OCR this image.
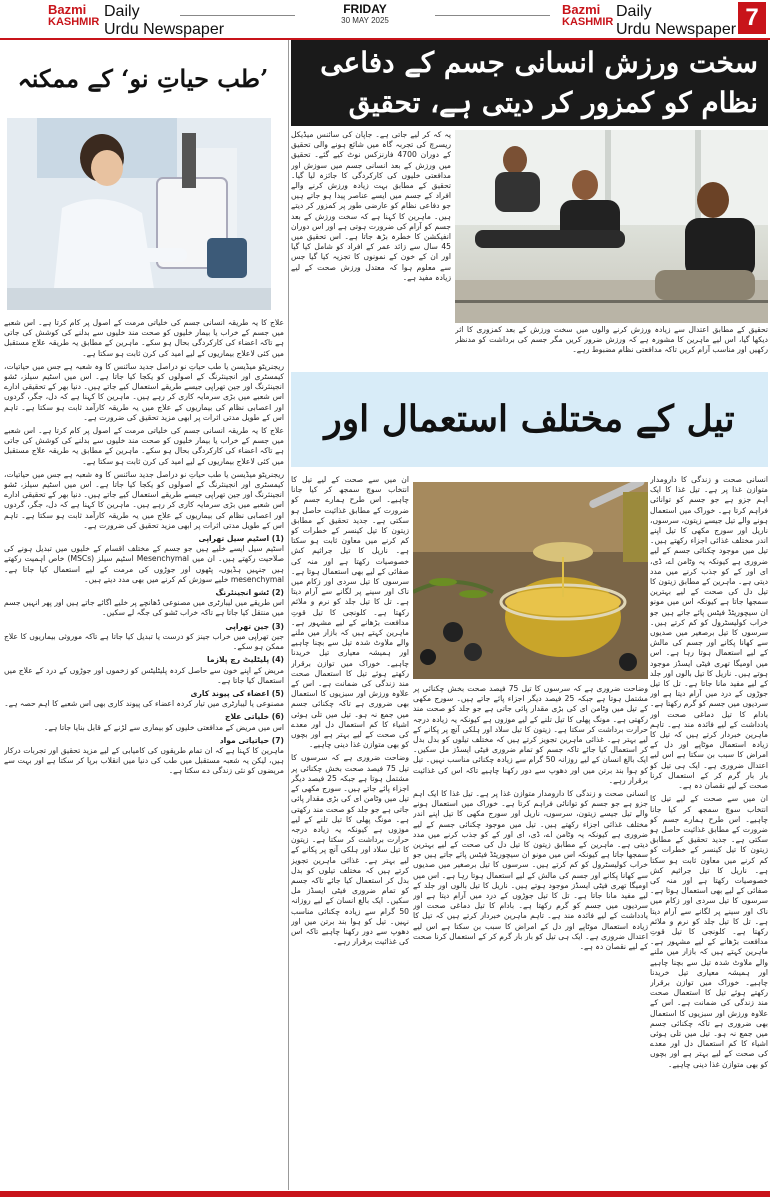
Bazmi
KASHMIR
Daily
Urdu Newspaper
FRIDAY
30 MAY 2025
Bazmi
KASHMIR
Daily
Urdu Newspaper 7
سخت ورزش انسانی جسم کے دفاعی نظام کو کمزور کر دیتی ہے، تحقیق

یہ کہ کر لیے جاتی ہے۔ جاپان کی سائنس میڈیکل ریسرچ کی تجربہ گاہ میں شائع ہونے والی تحقیق کے دوران 4700 فارنزکس نوٹ کیے گئے۔ تحقیق میں ورزش کے بعد انسانی جسم میں سوزش اور مدافعتی خلیوں کی کارکردگی کا جائزہ لیا گیا۔ تحقیق کے مطابق بہت زیادہ ورزش کرنے والے افراد کے جسم میں ایسے عناصر پیدا ہو جاتے ہیں جو دفاعی نظام کو عارضی طور پر کمزور کر دیتے ہیں۔ ماہرین کا کہنا ہے کہ سخت ورزش کے بعد جسم کو آرام کی ضرورت ہوتی ہے اور اس دوران انفیکشن کا خطرہ بڑھ جاتا ہے۔ اس تحقیق میں 45 سال سے زائد عمر کے افراد کو شامل کیا گیا اور ان کے خون کے نمونوں کا تجزیہ کیا گیا جس سے معلوم ہوا کہ معتدل ورزش صحت کے لیے زیادہ مفید ہے۔

تحقیق کے مطابق اعتدال سے زیادہ ورزش کرنے والوں میں سخت ورزش کے بعد کمزوری کا اثر دیکھا گیا، اس لیے ماہرین کا مشورہ ہے کہ ورزش ضرور کریں مگر جسم کی برداشت کو مدنظر رکھیں اور مناسب آرام کریں تاکہ مدافعتی نظام مضبوط رہے۔

تیل کے مختلف استعمال اور

انسانی صحت و زندگی کا دارومدار متوازن غذا پر ہے۔ تیل غذا کا ایک اہم جزو ہے جو جسم کو توانائی فراہم کرتا ہے۔ خوراک میں استعمال ہونے والے تیل جیسے زیتون، سرسوں، ناریل اور سورج مکھی کا تیل اپنے اندر مختلف غذائی اجزاء رکھتے ہیں۔ تیل میں موجود چکنائی جسم کے لیے ضروری ہے کیونکہ یہ وٹامن اے، ڈی، ای اور کے کو جذب کرنے میں مدد دیتی ہے۔ ماہرین کے مطابق زیتون کا تیل دل کی صحت کے لیے بہترین سمجھا جاتا ہے کیونکہ اس میں مونو ان سیچوریٹڈ فیٹس پائے جاتے ہیں جو خراب کولیسٹرول کو کم کرتے ہیں۔ سرسوں کا تیل برصغیر میں صدیوں سے کھانا پکانے اور جسم کی مالش کے لیے استعمال ہوتا رہا ہے۔ اس میں اومیگا تھری فیٹی ایسڈز موجود ہوتے ہیں۔ ناریل کا تیل بالوں اور جلد کے لیے مفید مانا جاتا ہے۔ تل کا تیل جوڑوں کے درد میں آرام دیتا ہے اور سردیوں میں جسم کو گرم رکھتا ہے۔ بادام کا تیل دماغی صحت اور یادداشت کے لیے فائدہ مند ہے۔ تاہم ماہرین خبردار کرتے ہیں کہ تیل کا زیادہ استعمال موٹاپے اور دل کے امراض کا سبب بن سکتا ہے اس لیے اعتدال ضروری ہے۔ ایک ہی تیل کو بار بار گرم کر کے استعمال کرنا صحت کے لیے نقصان دہ ہے۔

ان میں سے صحت کے لیے تیل کا انتخاب سوچ سمجھ کر کیا جانا چاہیے۔ اس طرح ہمارے جسم کو ضرورت کے مطابق غذائیت حاصل ہو سکتی ہے۔ جدید تحقیق کے مطابق زیتون کا تیل کینسر کے خطرات کو کم کرنے میں معاون ثابت ہو سکتا ہے۔ ناریل کا تیل جراثیم کش خصوصیات رکھتا ہے اور منہ کی صفائی کے لیے بھی استعمال ہوتا ہے۔ سرسوں کا تیل سردی اور زکام میں ناک اور سینے پر لگانے سے آرام دیتا ہے۔ تل کا تیل جلد کو نرم و ملائم رکھتا ہے۔ کلونجی کا تیل قوتِ مدافعت بڑھانے کے لیے مشہور ہے۔ ماہرین کہتے ہیں کہ بازار میں ملنے والے ملاوٹ شدہ تیل سے بچنا چاہیے اور ہمیشہ معیاری تیل خریدنا چاہیے۔ خوراک میں توازن برقرار رکھتے ہوئے تیل کا استعمال صحت مند زندگی کی ضمانت ہے۔ اس کے علاوہ ورزش اور سبزیوں کا استعمال بھی ضروری ہے تاکہ چکنائی جسم میں جمع نہ ہو۔ تیل میں تلی ہوئی اشیاء کا کم استعمال دل اور معدے کی صحت کے لیے بہتر ہے اور بچوں کو بھی متوازن غذا دینی چاہیے۔

وضاحت ضروری ہے کہ سرسوں کا تیل 75 فیصد صحت بخش چکنائی پر مشتمل ہوتا ہے جبکہ 25 فیصد دیگر اجزاء پائے جاتے ہیں۔ سورج مکھی کے تیل میں وٹامن ای کی بڑی مقدار پائی جاتی ہے جو جلد کو صحت مند رکھتی ہے۔ مونگ پھلی کا تیل تلنے کے لیے موزوں ہے کیونکہ یہ زیادہ درجہ حرارت برداشت کر سکتا ہے۔ زیتون کا تیل سلاد اور ہلکی آنچ پر پکانے کے لیے بہتر ہے۔ غذائی ماہرین تجویز کرتے ہیں کہ مختلف تیلوں کو بدل بدل کر استعمال کیا جائے تاکہ جسم کو تمام ضروری فیٹی ایسڈز مل سکیں۔ ایک بالغ انسان کے لیے روزانہ 50 گرام سے زیادہ چکنائی مناسب نہیں۔ تیل کو ہوا بند برتن میں اور دھوپ سے دور رکھنا چاہیے تاکہ اس کی غذائیت برقرار رہے۔

انسانی صحت و زندگی کا دارومدار متوازن غذا پر ہے۔ تیل غذا کا ایک اہم جزو ہے جو جسم کو توانائی فراہم کرتا ہے۔ خوراک میں استعمال ہونے والے تیل جیسے زیتون، سرسوں، ناریل اور سورج مکھی کا تیل اپنے اندر مختلف غذائی اجزاء رکھتے ہیں۔ تیل میں موجود چکنائی جسم کے لیے ضروری ہے کیونکہ یہ وٹامن اے، ڈی، ای اور کے کو جذب کرنے میں مدد دیتی ہے۔ ماہرین کے مطابق زیتون کا تیل دل کی صحت کے لیے بہترین سمجھا جاتا ہے کیونکہ اس میں مونو ان سیچوریٹڈ فیٹس پائے جاتے ہیں جو خراب کولیسٹرول کو کم کرتے ہیں۔ سرسوں کا تیل برصغیر میں صدیوں سے کھانا پکانے اور جسم کی مالش کے لیے استعمال ہوتا رہا ہے۔ اس میں اومیگا تھری فیٹی ایسڈز موجود ہوتے ہیں۔ ناریل کا تیل بالوں اور جلد کے لیے مفید مانا جاتا ہے۔ تل کا تیل جوڑوں کے درد میں آرام دیتا ہے اور سردیوں میں جسم کو گرم رکھتا ہے۔ بادام کا تیل دماغی صحت اور یادداشت کے لیے فائدہ مند ہے۔ تاہم ماہرین خبردار کرتے ہیں کہ تیل کا زیادہ استعمال موٹاپے اور دل کے امراض کا سبب بن سکتا ہے اس لیے اعتدال ضروری ہے۔ ایک ہی تیل کو بار بار گرم کر کے استعمال کرنا صحت کے لیے نقصان دہ ہے۔

ان میں سے صحت کے لیے تیل کا انتخاب سوچ سمجھ کر کیا جانا چاہیے۔ اس طرح ہمارے جسم کو ضرورت کے مطابق غذائیت حاصل ہو سکتی ہے۔ جدید تحقیق کے مطابق زیتون کا تیل کینسر کے خطرات کو کم کرنے میں معاون ثابت ہو سکتا ہے۔ ناریل کا تیل جراثیم کش خصوصیات رکھتا ہے اور منہ کی صفائی کے لیے بھی استعمال ہوتا ہے۔ سرسوں کا تیل سردی اور زکام میں ناک اور سینے پر لگانے سے آرام دیتا ہے۔ تل کا تیل جلد کو نرم و ملائم رکھتا ہے۔ کلونجی کا تیل قوتِ مدافعت بڑھانے کے لیے مشہور ہے۔ ماہرین کہتے ہیں کہ بازار میں ملنے والے ملاوٹ شدہ تیل سے بچنا چاہیے اور ہمیشہ معیاری تیل خریدنا چاہیے۔ خوراک میں توازن برقرار رکھتے ہوئے تیل کا استعمال صحت مند زندگی کی ضمانت ہے۔ اس کے علاوہ ورزش اور سبزیوں کا استعمال بھی ضروری ہے تاکہ چکنائی جسم میں جمع نہ ہو۔ تیل میں تلی ہوئی اشیاء کا کم استعمال دل اور معدے کی صحت کے لیے بہتر ہے اور بچوں کو بھی متوازن غذا دینی چاہیے۔

وضاحت ضروری ہے کہ سرسوں کا تیل 75 فیصد صحت بخش چکنائی پر مشتمل ہوتا ہے جبکہ 25 فیصد دیگر اجزاء پائے جاتے ہیں۔ سورج مکھی کے تیل میں وٹامن ای کی بڑی مقدار پائی جاتی ہے جو جلد کو صحت مند رکھتی ہے۔ مونگ پھلی کا تیل تلنے کے لیے موزوں ہے کیونکہ یہ زیادہ درجہ حرارت برداشت کر سکتا ہے۔ زیتون کا تیل سلاد اور ہلکی آنچ پر پکانے کے لیے بہتر ہے۔ غذائی ماہرین تجویز کرتے ہیں کہ مختلف تیلوں کو بدل بدل کر استعمال کیا جائے تاکہ جسم کو تمام ضروری فیٹی ایسڈز مل سکیں۔ ایک بالغ انسان کے لیے روزانہ 50 گرام سے زیادہ چکنائی مناسب نہیں۔ تیل کو ہوا بند برتن میں اور دھوپ سے دور رکھنا چاہیے تاکہ اس کی غذائیت برقرار رہے۔

’طب حیاتِ نو‘ کے ممکنہ

علاج کا یہ طریقہ انسانی جسم کی خلیاتی مرمت کے اصول پر کام کرتا ہے۔ اس شعبے میں جسم کے خراب یا بیمار خلیوں کو صحت مند خلیوں سے بدلنے کی کوشش کی جاتی ہے تاکہ اعضاء کی کارکردگی بحال ہو سکے۔ ماہرین کے مطابق یہ طریقہ علاج مستقبل میں کئی لاعلاج بیماریوں کے لیے امید کی کرن ثابت ہو سکتا ہے۔

ریجنریٹو میڈیسن یا طب حیاتِ نو دراصل جدید سائنس کا وہ شعبہ ہے جس میں حیاتیات، کیمسٹری اور انجینئرنگ کے اصولوں کو یکجا کیا جاتا ہے۔ اس میں اسٹیم سیلز، ٹشو انجینئرنگ اور جین تھراپی جیسے طریقے استعمال کیے جاتے ہیں۔ دنیا بھر کے تحقیقی ادارے اس شعبے میں بڑی سرمایہ کاری کر رہے ہیں۔ ماہرین کا کہنا ہے کہ دل، جگر، گردوں اور اعصابی نظام کی بیماریوں کے علاج میں یہ طریقہ کارآمد ثابت ہو سکتا ہے۔ تاہم اس کے طویل مدتی اثرات پر ابھی مزید تحقیق کی ضرورت ہے۔

علاج کا یہ طریقہ انسانی جسم کی خلیاتی مرمت کے اصول پر کام کرتا ہے۔ اس شعبے میں جسم کے خراب یا بیمار خلیوں کو صحت مند خلیوں سے بدلنے کی کوشش کی جاتی ہے تاکہ اعضاء کی کارکردگی بحال ہو سکے۔ ماہرین کے مطابق یہ طریقہ علاج مستقبل میں کئی لاعلاج بیماریوں کے لیے امید کی کرن ثابت ہو سکتا ہے۔

ریجنریٹو میڈیسن یا طب حیاتِ نو دراصل جدید سائنس کا وہ شعبہ ہے جس میں حیاتیات، کیمسٹری اور انجینئرنگ کے اصولوں کو یکجا کیا جاتا ہے۔ اس میں اسٹیم سیلز، ٹشو انجینئرنگ اور جین تھراپی جیسے طریقے استعمال کیے جاتے ہیں۔ دنیا بھر کے تحقیقی ادارے اس شعبے میں بڑی سرمایہ کاری کر رہے ہیں۔ ماہرین کا کہنا ہے کہ دل، جگر، گردوں اور اعصابی نظام کی بیماریوں کے علاج میں یہ طریقہ کارآمد ثابت ہو سکتا ہے۔ تاہم اس کے طویل مدتی اثرات پر ابھی مزید تحقیق کی ضرورت ہے۔

(1) اسٹیم سیل تھراپی

اسٹیم سیل ایسے خلیے ہیں جو جسم کے مختلف اقسام کے خلیوں میں تبدیل ہونے کی صلاحیت رکھتے ہیں۔ ان میں Mesenchymal اسٹیم سیلز (MSCs) خاص اہمیت رکھتے ہیں جنہیں ہڈیوں، پٹھوں اور جوڑوں کی مرمت کے لیے استعمال کیا جاتا ہے۔ mesenchymal خلیے سوزش کم کرنے میں بھی مدد دیتے ہیں۔

(2) ٹشو انجینئرنگ

اس طریقے میں لیبارٹری میں مصنوعی ڈھانچے پر خلیے اگائے جاتے ہیں اور پھر انہیں جسم میں منتقل کیا جاتا ہے تاکہ خراب ٹشو کی جگہ لے سکیں۔

(3) جین تھراپی

جین تھراپی میں خراب جینز کو درست یا تبدیل کیا جاتا ہے تاکہ موروثی بیماریوں کا علاج ممکن ہو سکے۔

(4) پلیٹلیٹ رچ پلازما

مریض کے اپنے خون سے حاصل کردہ پلیٹلیٹس کو زخموں اور جوڑوں کے درد کے علاج میں استعمال کیا جاتا ہے۔

(5) اعضاء کی پیوند کاری

مصنوعی یا لیبارٹری میں تیار کردہ اعضاء کی پیوند کاری بھی اس شعبے کا اہم حصہ ہے۔

(6) خلیاتی علاج

اس میں مریض کے مدافعتی خلیوں کو بیماری سے لڑنے کے قابل بنایا جاتا ہے۔

(7) حیاتیاتی مواد

ماہرین کا کہنا ہے کہ ان تمام طریقوں کی کامیابی کے لیے مزید تحقیق اور تجربات درکار ہیں، لیکن یہ شعبہ مستقبل میں طب کی دنیا میں انقلاب برپا کر سکتا ہے اور بہت سے مریضوں کو نئی زندگی دے سکتا ہے۔
